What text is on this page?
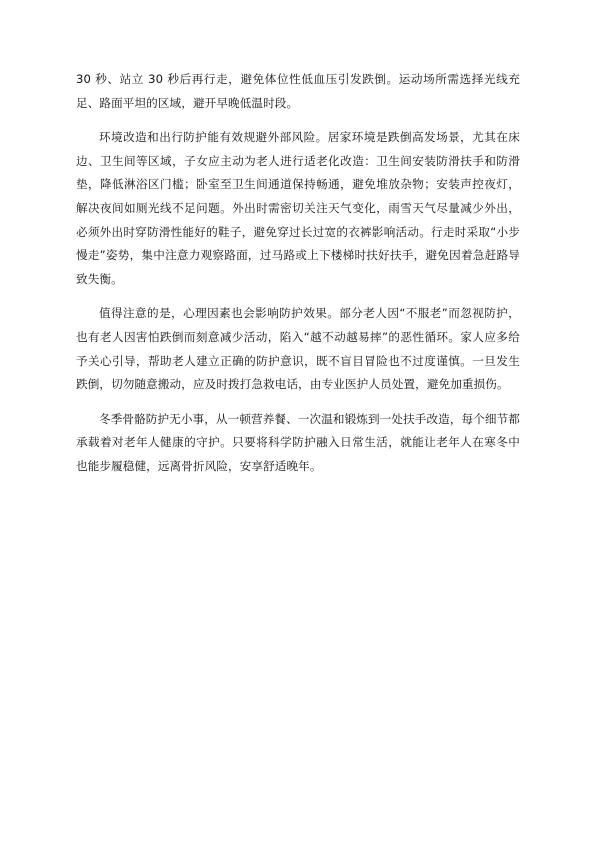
30 秒、站立 30 秒后再行走，避免体位性低血压引发跌倒。运动场所需选择光线充足、路面平坦的区域，避开早晚低温时段。

环境改造和出行防护能有效规避外部风险。居家环境是跌倒高发场景，尤其在床边、卫生间等区域，子女应主动为老人进行适老化改造：卫生间安装防滑扶手和防滑垫，降低淋浴区门槛；卧室至卫生间通道保持畅通，避免堆放杂物；安装声控夜灯，解决夜间如厕光线不足问题。外出时需密切关注天气变化，雨雪天气尽量减少外出，必须外出时穿防滑性能好的鞋子，避免穿过长过宽的衣裤影响活动。行走时采取“小步慢走”姿势，集中注意力观察路面，过马路或上下楼梯时扶好扶手，避免因着急赶路导致失衡。

值得注意的是，心理因素也会影响防护效果。部分老人因“不服老”而忽视防护，也有老人因害怕跌倒而刻意减少活动，陷入“越不动越易摔”的恶性循环。家人应多给予关心引导，帮助老人建立正确的防护意识，既不盲目冒险也不过度谨慎。一旦发生跌倒，切勿随意搬动，应及时拨打急救电话，由专业医护人员处置，避免加重损伤。

冬季骨骼防护无小事，从一顿营养餐、一次温和锻炼到一处扶手改造，每个细节都承载着对老年人健康的守护。只要将科学防护融入日常生活，就能让老年人在寒冬中也能步履稳健，远离骨折风险，安享舒适晚年。
